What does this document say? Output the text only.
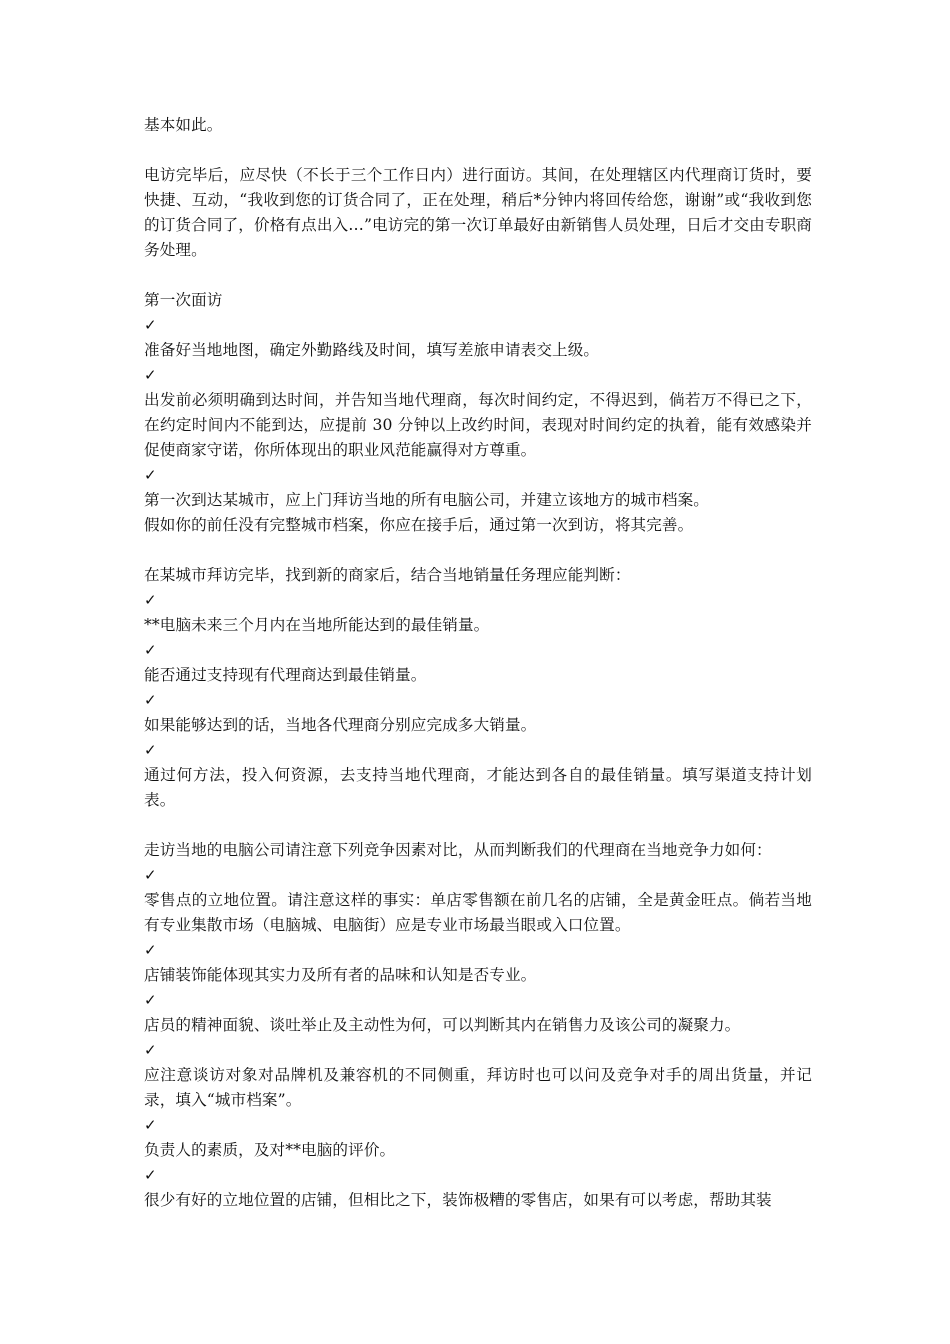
基本如此。

电访完毕后，应尽快（不长于三个工作日内）进行面访。其间，在处理辖区内代理商订货时，要快捷、互动，“我收到您的订货合同了，正在处理，稍后*分钟内将回传给您，谢谢”或“我收到您的订货合同了，价格有点出入…”电访完的第一次订单最好由新销售人员处理，日后才交由专职商务处理。

第一次面访

✓

准备好当地地图，确定外勤路线及时间，填写差旅申请表交上级。

✓

出发前必须明确到达时间，并告知当地代理商，每次时间约定，不得迟到，倘若万不得已之下，在约定时间内不能到达，应提前 30 分钟以上改约时间，表现对时间约定的执着，能有效感染并促使商家守诺，你所体现出的职业风范能赢得对方尊重。

✓

第一次到达某城市，应上门拜访当地的所有电脑公司，并建立该地方的城市档案。

假如你的前任没有完整城市档案，你应在接手后，通过第一次到访，将其完善。

在某城市拜访完毕，找到新的商家后，结合当地销量任务理应能判断：

✓

**电脑未来三个月内在当地所能达到的最佳销量。

✓

能否通过支持现有代理商达到最佳销量。

✓

如果能够达到的话，当地各代理商分别应完成多大销量。

✓

通过何方法，投入何资源，去支持当地代理商，才能达到各自的最佳销量。填写渠道支持计划表。

走访当地的电脑公司请注意下列竞争因素对比，从而判断我们的代理商在当地竞争力如何：

✓

零售点的立地位置。请注意这样的事实：单店零售额在前几名的店铺，全是黄金旺点。倘若当地有专业集散市场（电脑城、电脑街）应是专业市场最当眼或入口位置。

✓

店铺装饰能体现其实力及所有者的品味和认知是否专业。

✓

店员的精神面貌、谈吐举止及主动性为何，可以判断其内在销售力及该公司的凝聚力。

✓

应注意谈访对象对品牌机及兼容机的不同侧重，拜访时也可以问及竞争对手的周出货量，并记录，填入“城市档案”。

✓

负责人的素质，及对**电脑的评价。

✓

很少有好的立地位置的店铺，但相比之下，装饰极糟的零售店，如果有可以考虑，帮助其装
